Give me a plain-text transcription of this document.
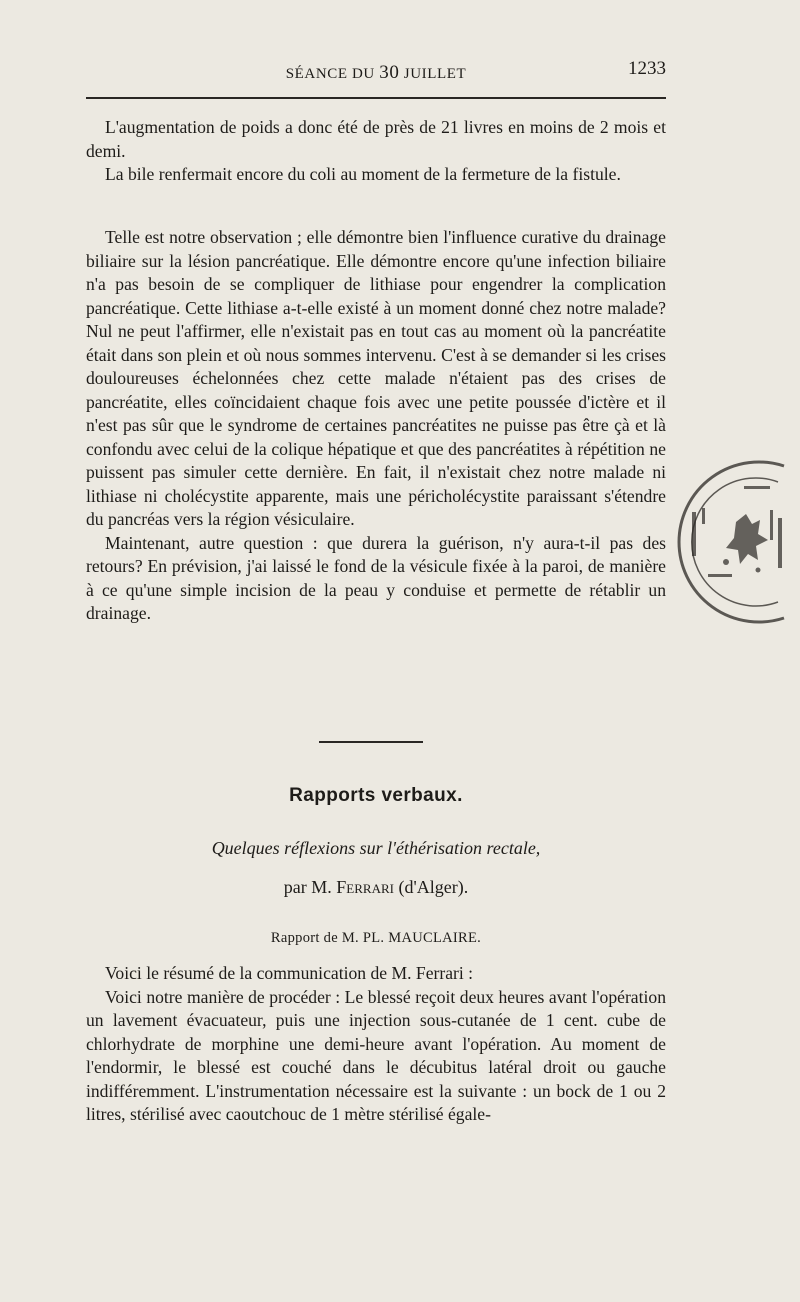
SÉANCE DU 30 JUILLET	1233

L'augmentation de poids a donc été de près de 21 livres en moins de 2 mois et demi.

La bile renfermait encore du coli au moment de la fermeture de la fistule.

Telle est notre observation ; elle démontre bien l'influence curative du drainage biliaire sur la lésion pancréatique. Elle démontre encore qu'une infection biliaire n'a pas besoin de se compliquer de lithiase pour engendrer la complication pancréatique. Cette lithiase a-t-elle existé à un moment donné chez notre malade? Nul ne peut l'affirmer, elle n'existait pas en tout cas au moment où la pancréatite était dans son plein et où nous sommes intervenu. C'est à se demander si les crises douloureuses échelonnées chez cette malade n'étaient pas des crises de pancréatite, elles coïncidaient chaque fois avec une petite poussée d'ictère et il n'est pas sûr que le syndrome de certaines pancréatites ne puisse pas être çà et là confondu avec celui de la colique hépatique et que des pancréatites à répétition ne puissent pas simuler cette dernière. En fait, il n'existait chez notre malade ni lithiase ni cholécystite apparente, mais une péricholécystite paraissant s'étendre du pancréas vers la région vésiculaire.

Maintenant, autre question : que durera la guérison, n'y aura-t-il pas des retours? En prévision, j'ai laissé le fond de la vésicule fixée à la paroi, de manière à ce qu'une simple incision de la peau y conduise et permette de rétablir un drainage.

Rapports verbaux.
Quelques réflexions sur l'éthérisation rectale,
par M. Ferrari (d'Alger).
Rapport de M. PL. MAUCLAIRE.

Voici le résumé de la communication de M. Ferrari :

Voici notre manière de procéder : Le blessé reçoit deux heures avant l'opération un lavement évacuateur, puis une injection sous-cutanée de 1 cent. cube de chlorhydrate de morphine une demi-heure avant l'opération. Au moment de l'endormir, le blessé est couché dans le décubitus latéral droit ou gauche indifféremment. L'instrumentation nécessaire est la suivante : un bock de 1 ou 2 litres, stérilisé avec caoutchouc de 1 mètre stérilisé égale-
